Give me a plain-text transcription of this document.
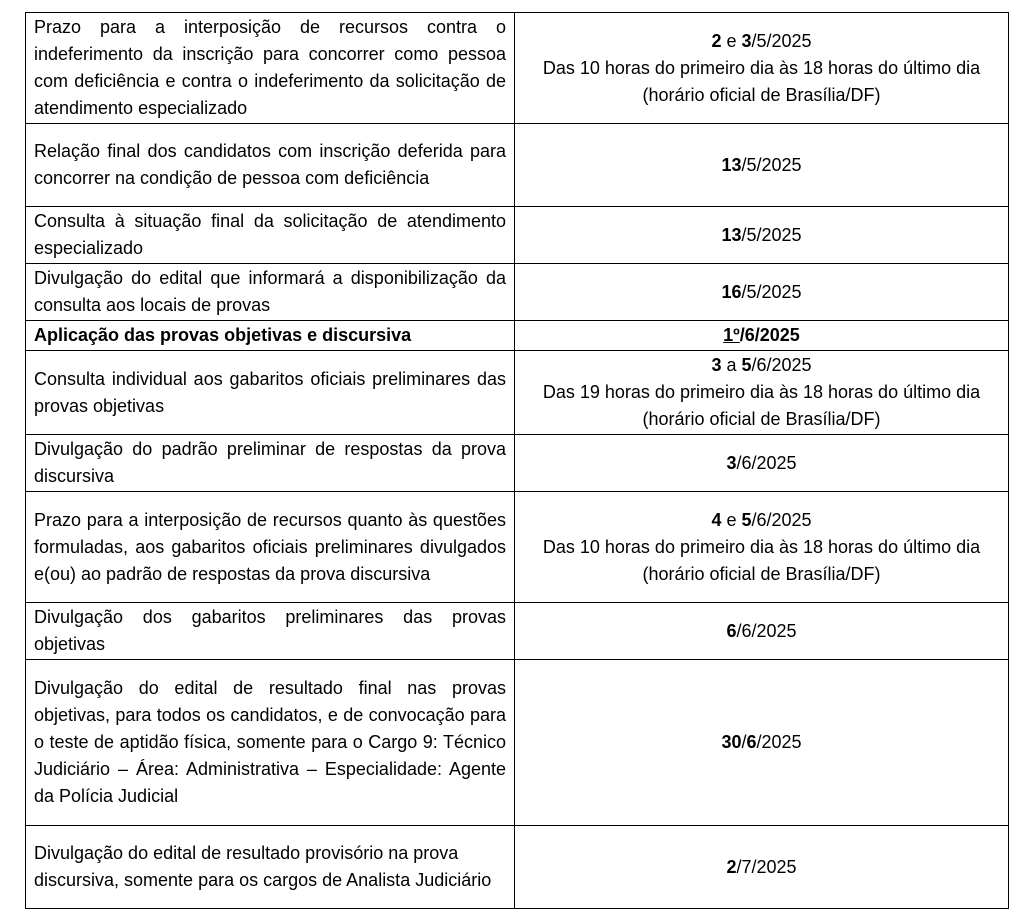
Prazo para a interposição de recursos contra o indeferimento da inscrição para concorrer como pessoa com deficiência e contra o indeferimento da solicitação de atendimento especializado	2 e 3/5/2025
Das 10 horas do primeiro dia às 18 horas do último dia (horário oficial de Brasília/DF)

Relação final dos candidatos com inscrição deferida para concorrer na condição de pessoa com deficiência	13/5/2025
Consulta à situação final da solicitação de atendimento especializado	13/5/2025
Divulgação do edital que informará a disponibilização da consulta aos locais de provas	16/5/2025
Aplicação das provas objetivas e discursiva	1º/6/2025
Consulta individual aos gabaritos oficiais preliminares das provas objetivas	3 a 5/6/2025
Das 19 horas do primeiro dia às 18 horas do último dia (horário oficial de Brasília/DF)

Divulgação do padrão preliminar de respostas da prova discursiva	3/6/2025
Prazo para a interposição de recursos quanto às questões formuladas, aos gabaritos oficiais preliminares divulgados e(ou) ao padrão de respostas da prova discursiva	4 e 5/6/2025
Das 10 horas do primeiro dia às 18 horas do último dia (horário oficial de Brasília/DF)

Divulgação dos gabaritos preliminares das provas objetivas	6/6/2025
Divulgação do edital de resultado final nas provas objetivas, para todos os candidatos, e de convocação para o teste de aptidão física, somente para o Cargo 9: Técnico Judiciário – Área: Administrativa – Especialidade: Agente da Polícia Judicial	30/6/2025
Divulgação do edital de resultado provisório na prova discursiva, somente para os cargos de Analista Judiciário	2/7/2025
